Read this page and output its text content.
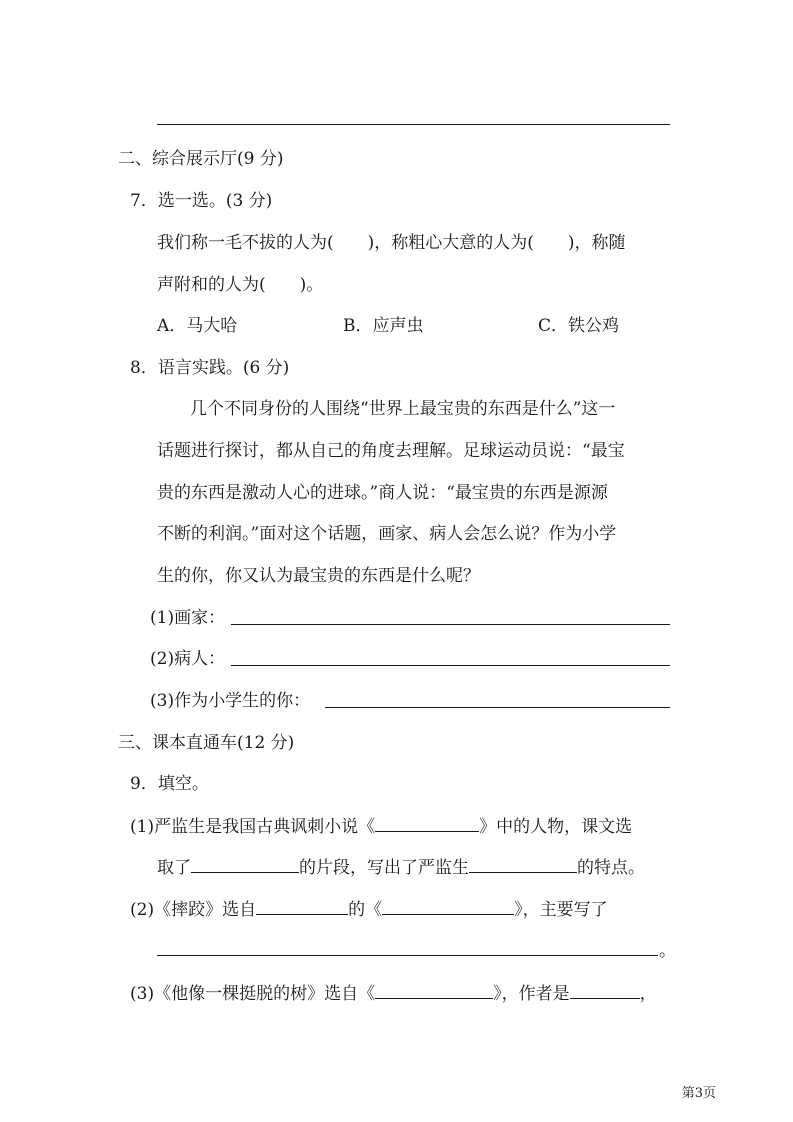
二、综合展示厅(9 分)
7．选一选。(3 分)
我们称一毛不拔的人为( )，称粗心大意的人为( )，称随
声附和的人为( )。
A．马大哈	B．应声虫	C．铁公鸡
8．语言实践。(6 分)
几个不同身份的人围绕“世界上最宝贵的东西是什么”这一
话题进行探讨，都从自己的角度去理解。足球运动员说：“最宝
贵的东西是激动人心的进球。”商人说：“最宝贵的东西是源源
不断的利润。”面对这个话题，画家、病人会怎么说？作为小学
生的你，你又认为最宝贵的东西是什么呢？
(1)画家：
(2)病人：
(3)作为小学生的你：
三、课本直通车(12 分)
9．填空。
(1)严监生是我国古典讽刺小说《	》中的人物，课文选
取了	的片段，写出了严监生	的特点。
(2)《摔跤》选自	的《	》，主要写了
。
(3)《他像一棵挺脱的树》选自《	》，作者是	，
第3页
